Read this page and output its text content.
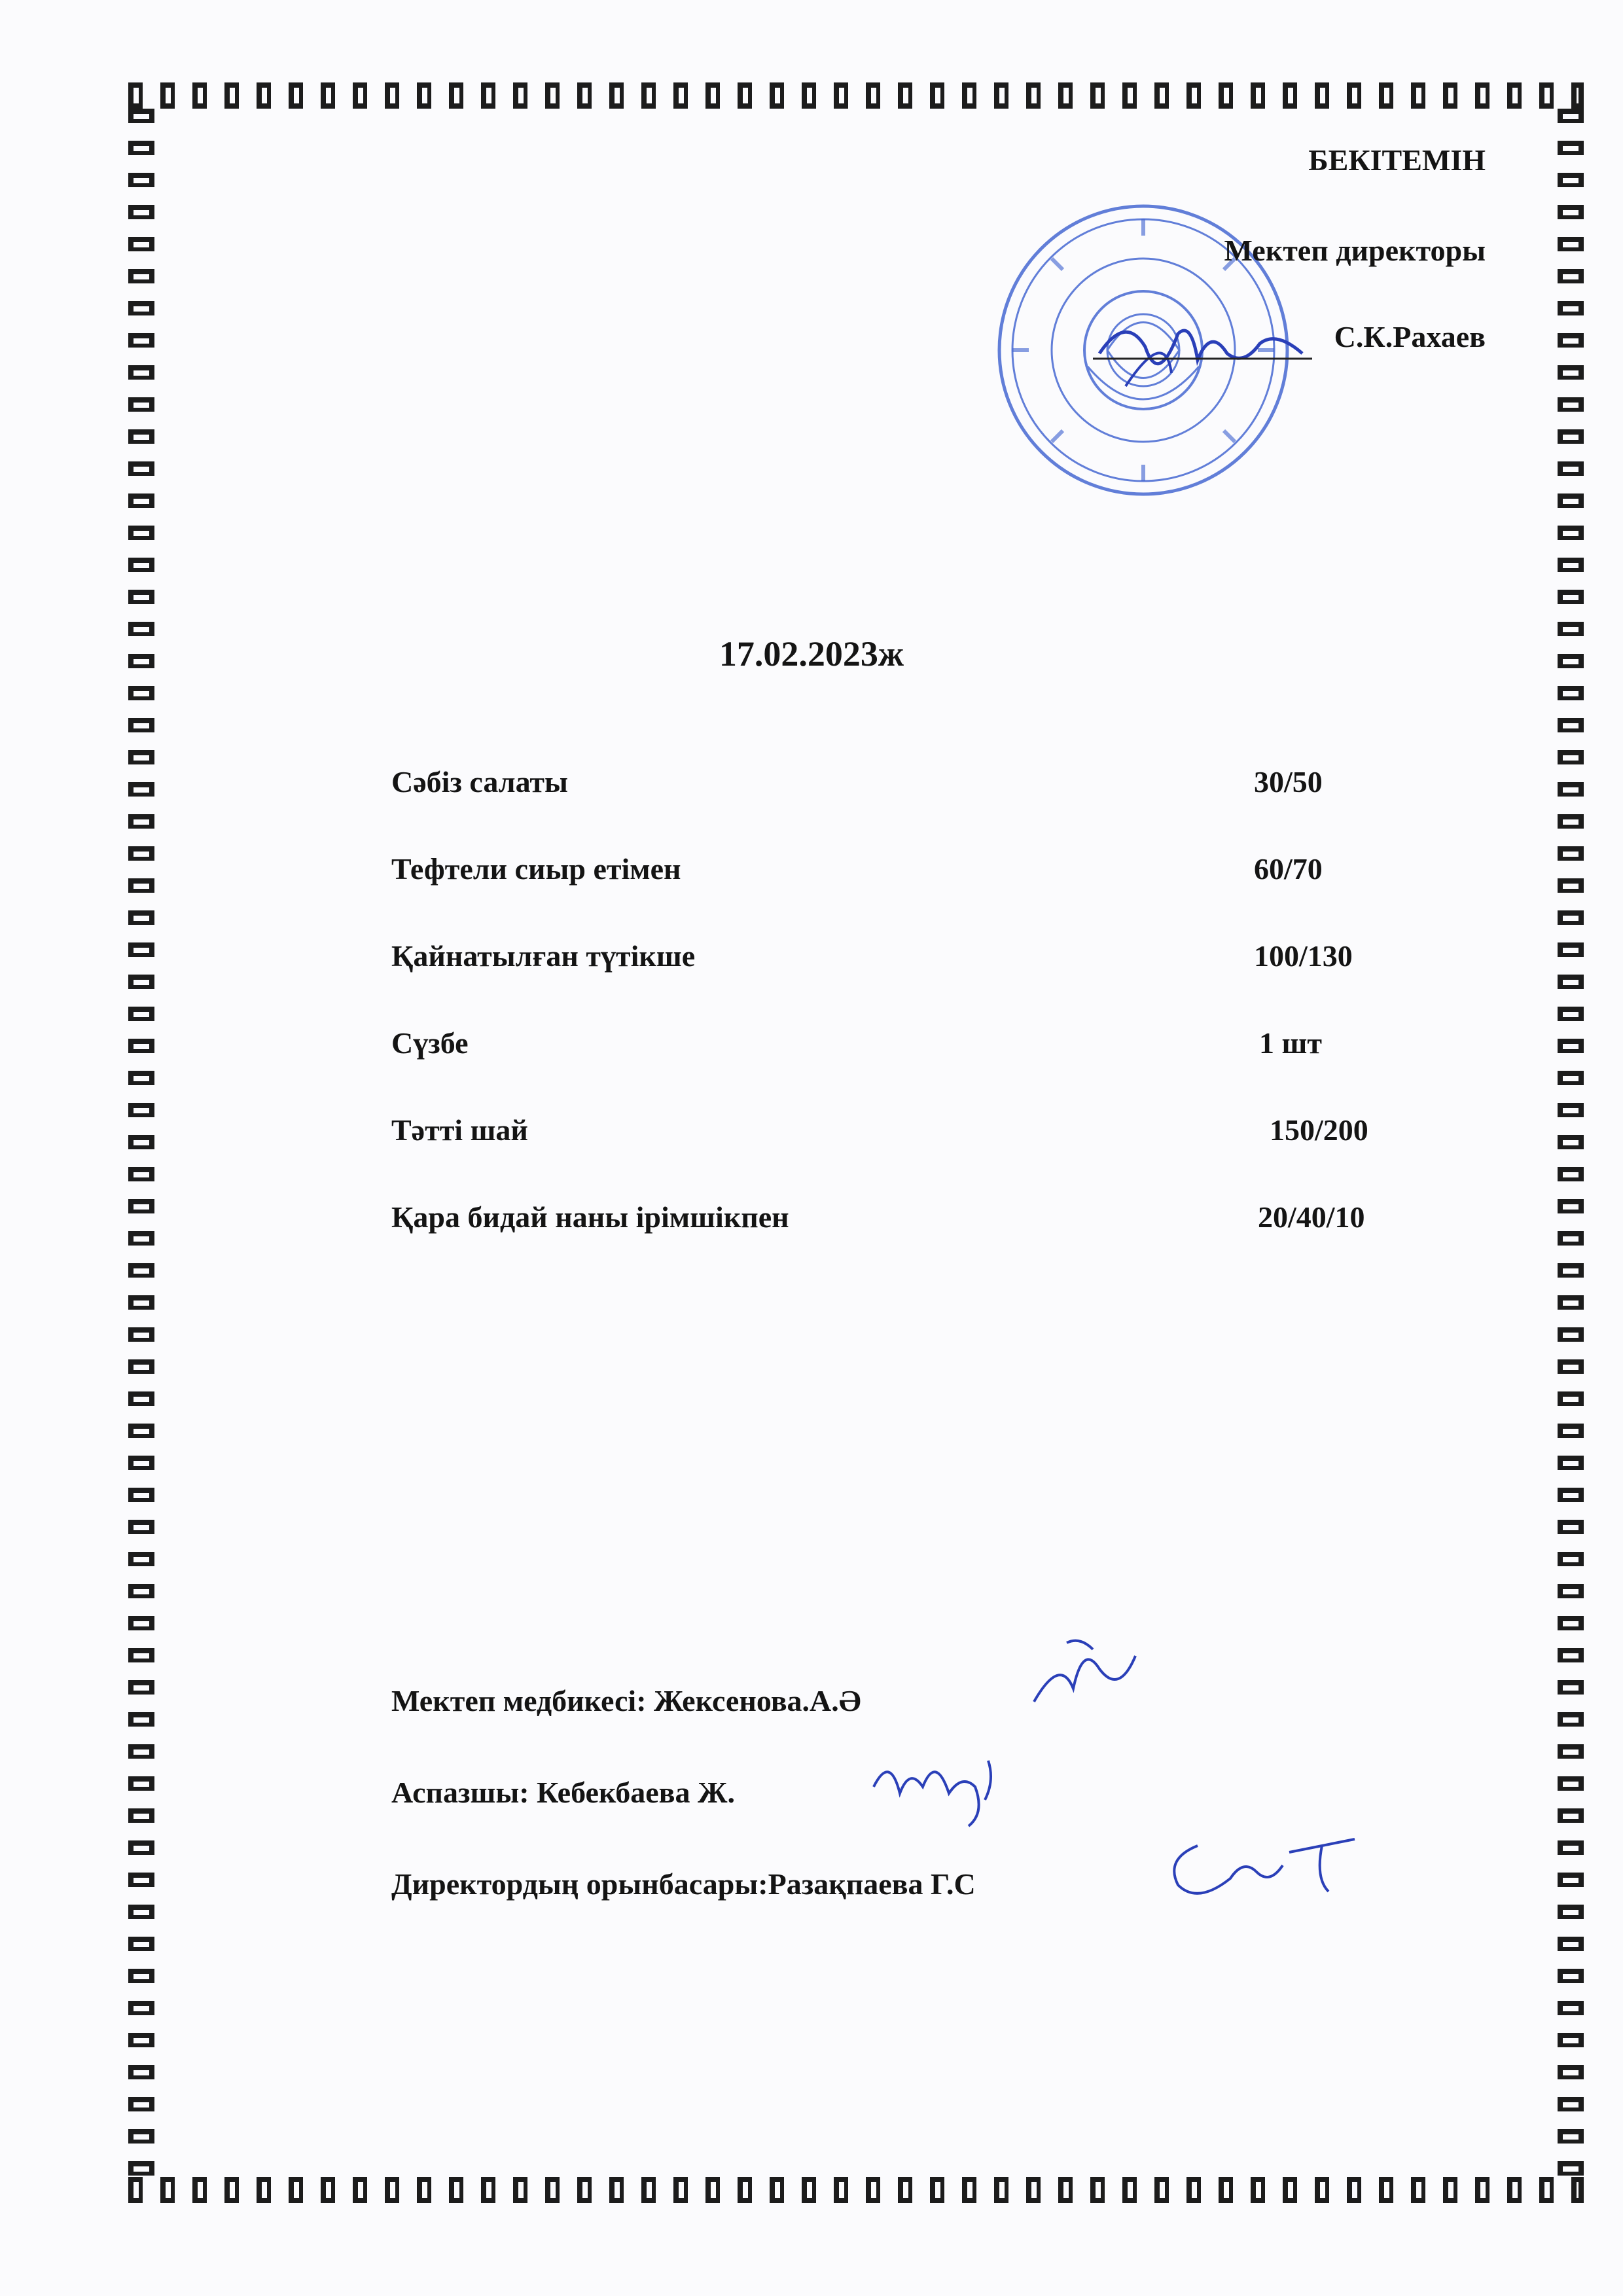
БЕКІТЕМІН
Мектеп директоры
С.К.Рахаев
17.02.2023ж
Сәбіз салаты	30/50
Тефтели сиыр етімен	60/70
Қайнатылған түтікше	100/130
Сүзбе	1 шт
Тәтті шай	150/200
Қара бидай наны ірімшікпен	20/40/10
Мектеп медбикесі: Жексенова.А.Ә
Аспазшы: Кебекбаева Ж.
Директордың орынбасары:Разақпаева Г.С
